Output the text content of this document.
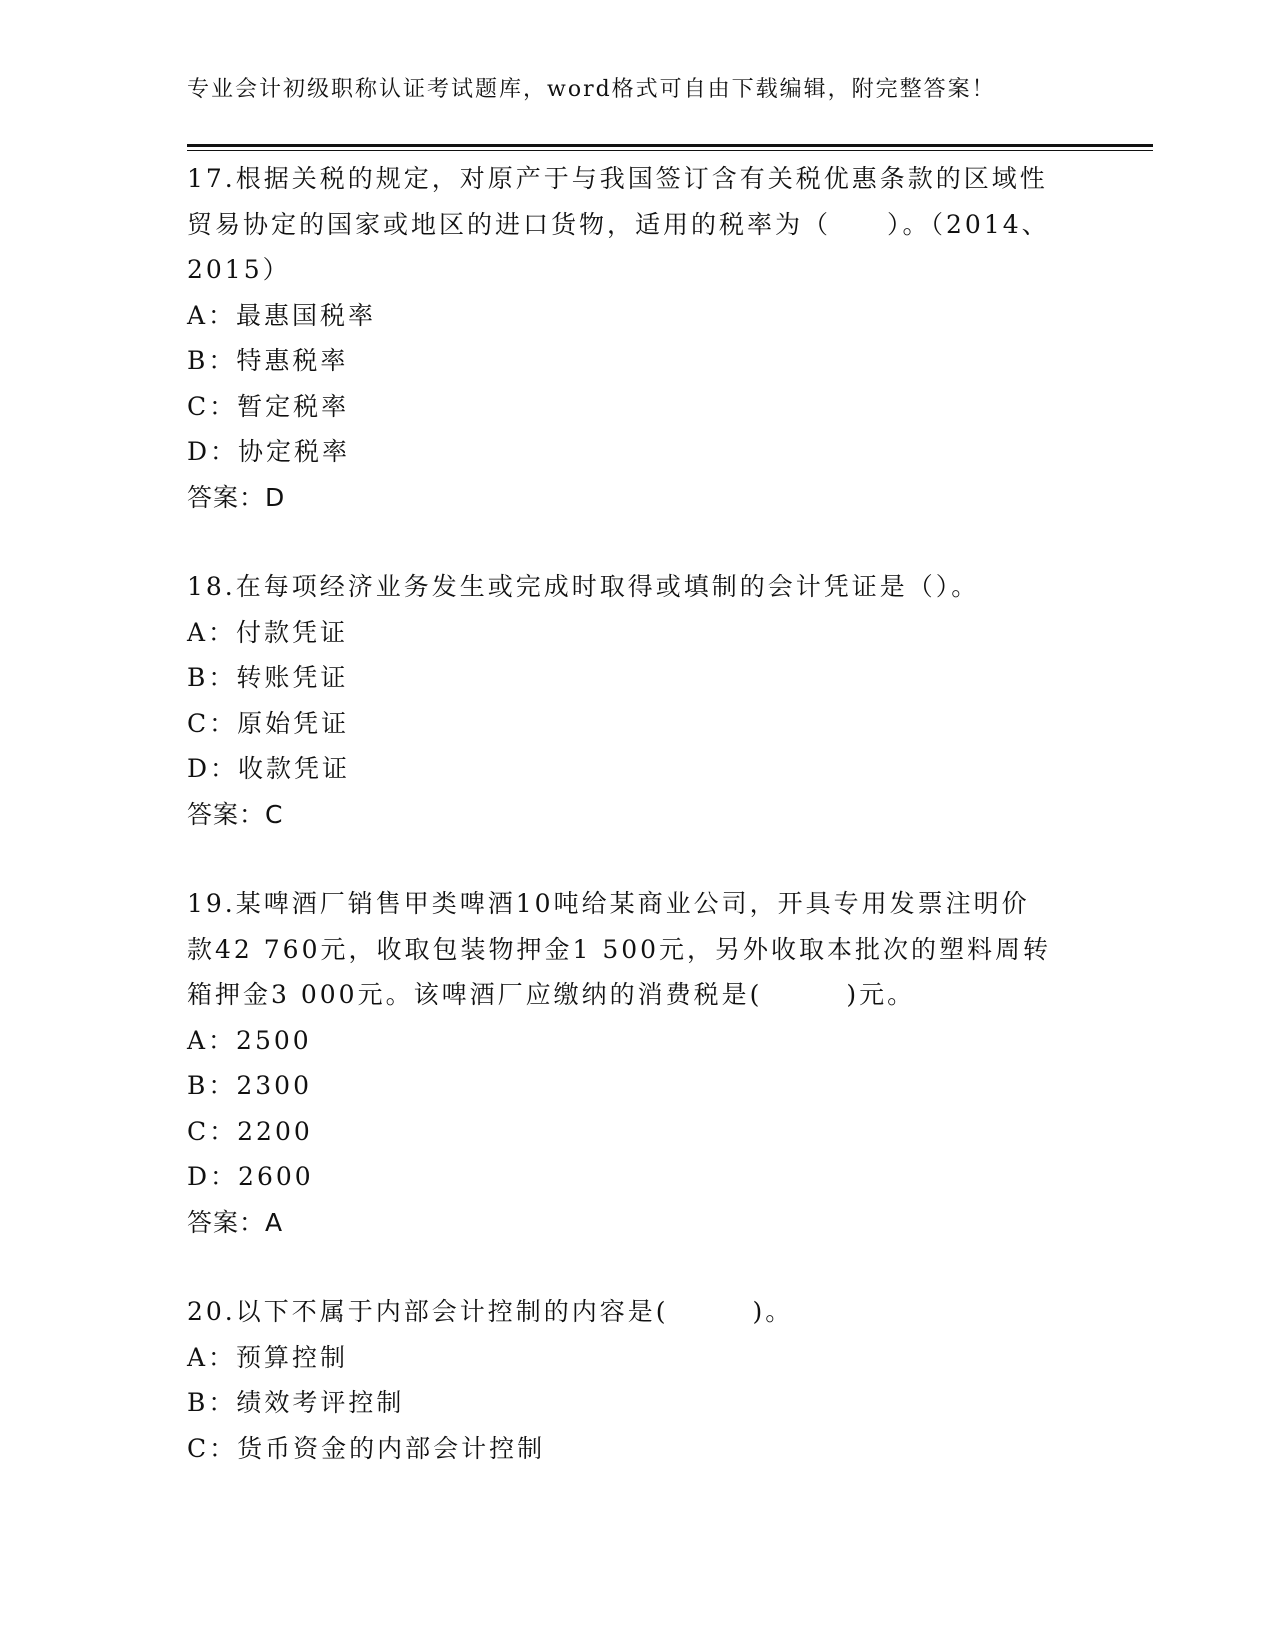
专业会计初级职称认证考试题库，word格式可自由下载编辑，附完整答案！
17.根据关税的规定，对原产于与我国签订含有关税优惠条款的区域性
贸易协定的国家或地区的进口货物，适用的税率为（　　）。（2014、
2015）
A：最惠国税率
B：特惠税率
C：暂定税率
D：协定税率
答案：D
18.在每项经济业务发生或完成时取得或填制的会计凭证是（）。
A：付款凭证
B：转账凭证
C：原始凭证
D：收款凭证
答案：C
19.某啤酒厂销售甲类啤酒10吨给某商业公司，开具专用发票注明价
款42 760元，收取包装物押金1 500元，另外收取本批次的塑料周转
箱押金3 000元。该啤酒厂应缴纳的消费税是(　　　)元。
A：2500
B：2300
C：2200
D：2600
答案：A
20.以下不属于内部会计控制的内容是(　　　)。
A：预算控制
B：绩效考评控制
C：货币资金的内部会计控制
